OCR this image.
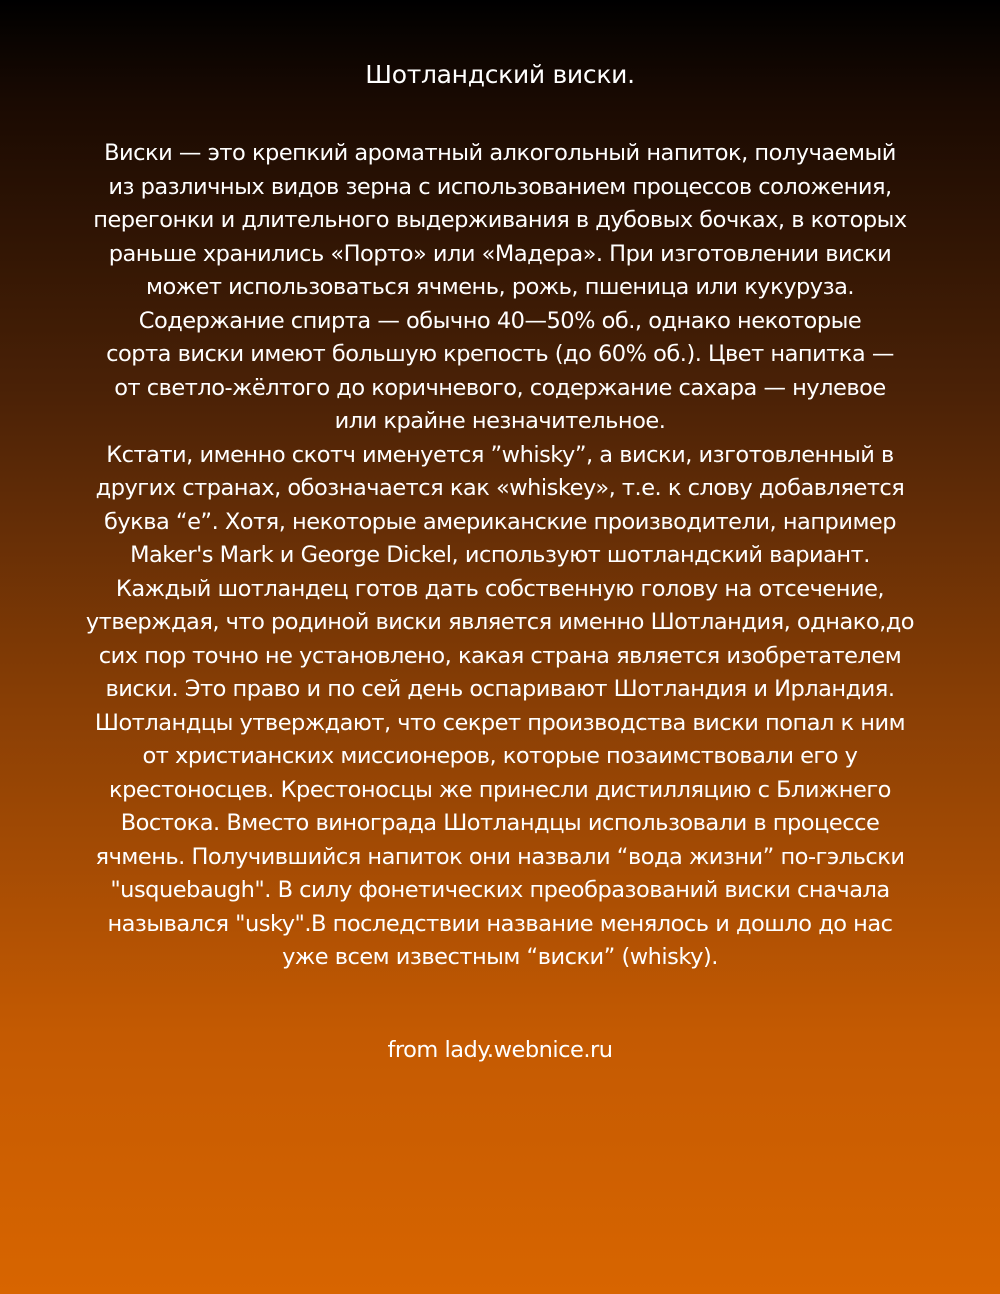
Шотландский виски.
Виски — это крепкий ароматный алкогольный напиток, получаемый
из различных видов зерна с использованием процессов соложения,
перегонки и длительного выдерживания в дубовых бочках, в которых
раньше хранились «Порто» или «Мадера». При изготовлении виски
может использоваться ячмень, рожь, пшеница или кукуруза.
Содержание спирта — обычно 40—50% об., однако некоторые
сорта виски имеют большую крепость (до 60% об.). Цвет напитка —
от светло-жёлтого до коричневого, содержание сахара — нулевое
или крайне незначительное.
Кстати, именно скотч именуется ”whisky”, а виски, изготовленный в
других странах, обозначается как «whiskey», т.е. к слову добавляется
буква “e”. Хотя, некоторые американские производители, например
Maker's Mark и George Dickel, используют шотландский вариант.
Каждый шотландец готов дать собственную голову на отсечение,
утверждая, что родиной виски является именно Шотландия, однако,до
сих пор точно не установлено, какая страна является изобретателем
виски. Это право и по сей день оспаривают Шотландия и Ирландия.
Шотландцы утверждают, что секрет производства виски попал к ним
от христианских миссионеров, которые позаимствовали его у
крестоносцев. Крестоносцы же принесли дистилляцию с Ближнего
Востока. Вместо винограда Шотландцы использовали в процессе
ячмень. Получившийся напиток они назвали “вода жизни” по-гэльски
"usquebaugh". В силу фонетических преобразований виски сначала
назывался "usky".В последствии название менялось и дошло до нас
уже всем известным “виски” (whisky).
from lady.webnice.ru
